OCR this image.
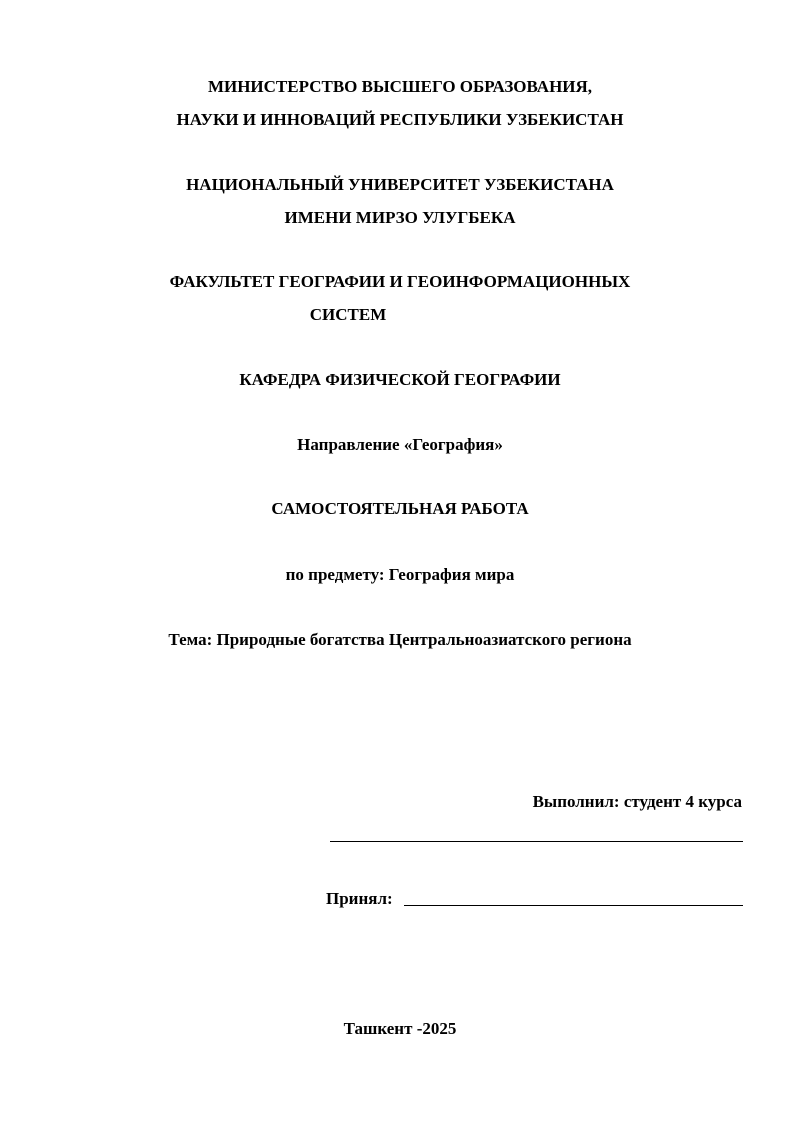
МИНИСТЕРСТВО ВЫСШЕГО ОБРАЗОВАНИЯ,
НАУКИ И ИННОВАЦИЙ РЕСПУБЛИКИ УЗБЕКИСТАН
НАЦИОНАЛЬНЫЙ УНИВЕРСИТЕТ УЗБЕКИСТАНА
ИМЕНИ МИРЗО УЛУГБЕКА
ФАКУЛЬТЕТ ГЕОГРАФИИ И ГЕОИНФОРМАЦИОННЫХ
СИСТЕМ
КАФЕДРА ФИЗИЧЕСКОЙ ГЕОГРАФИИ
Направление «География»
САМОСТОЯТЕЛЬНАЯ РАБОТА
по предмету: География мира
Тема: Природные богатства Центральноазиатского региона
Выполнил: студент 4 курса
Принял:
Ташкент -2025
